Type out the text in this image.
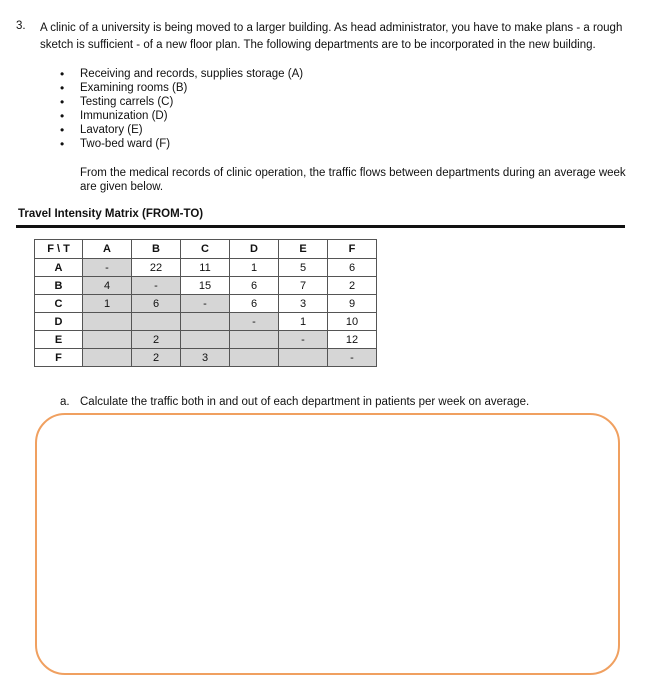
3. A clinic of a university is being moved to a larger building. As head administrator, you have to make plans - a rough sketch is sufficient - of a new floor plan. The following departments are to be incorporated in the new building.
• Receiving and records, supplies storage (A)
• Examining rooms (B)
• Testing carrels (C)
• Immunization (D)
• Lavatory (E)
• Two-bed ward (F)
From the medical records of clinic operation, the traffic flows between departments during an average week are given below.
Travel Intensity Matrix (FROM-TO)
F \ T	A	B	C	D	E	F
A	-	22	11	1	5	6
B	4	-	15	6	7	2
C	1	6	-	6	3	9
D				-	1	10
E		2			-	12
F		2	3			-
a. Calculate the traffic both in and out of each department in patients per week on average.
